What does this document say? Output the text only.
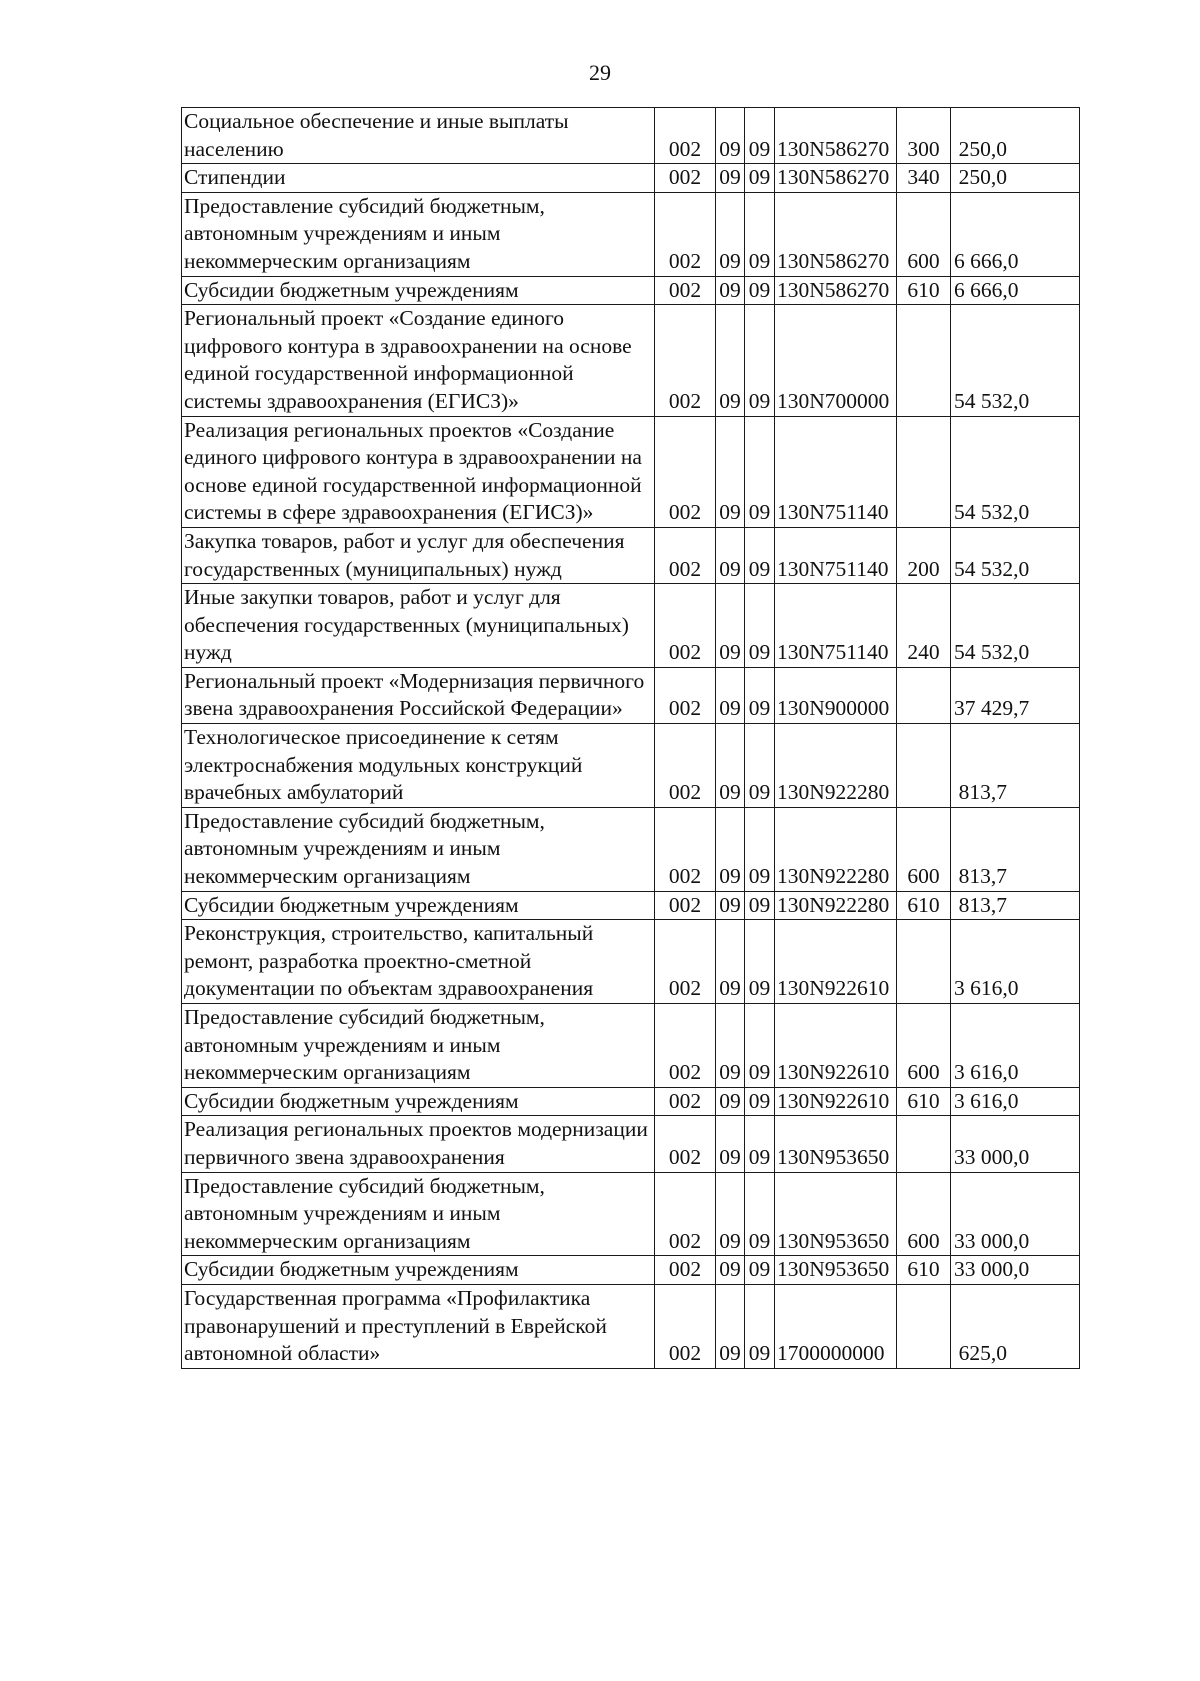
29
Социальное обеспечение и иные выплаты населению	002	09	09	130N586270	300	250,0
Стипендии	002	09	09	130N586270	340	250,0
Предоставление субсидий бюджетным, автономным учреждениям и иным некоммерческим организациям	002	09	09	130N586270	600	6 666,0
Субсидии бюджетным учреждениям	002	09	09	130N586270	610	6 666,0
Региональный проект «Создание единого цифрового контура в здравоохранении на основе единой государственной информационной системы здравоохранения (ЕГИСЗ)»	002	09	09	130N700000		54 532,0
Реализация региональных проектов «Создание единого цифрового контура в здравоохранении на основе единой государственной информационной системы в сфере здравоохранения (ЕГИСЗ)»	002	09	09	130N751140		54 532,0
Закупка товаров, работ и услуг для обеспечения государственных (муниципальных) нужд	002	09	09	130N751140	200	54 532,0
Иные закупки товаров, работ и услуг для обеспечения государственных (муниципальных) нужд	002	09	09	130N751140	240	54 532,0
Региональный проект «Модернизация первичного звена здравоохранения Российской Федерации»	002	09	09	130N900000		37 429,7
Технологическое присоединение к сетям электроснабжения модульных конструкций врачебных амбулаторий	002	09	09	130N922280		813,7
Предоставление субсидий бюджетным, автономным учреждениям и иным некоммерческим организациям	002	09	09	130N922280	600	813,7
Субсидии бюджетным учреждениям	002	09	09	130N922280	610	813,7
Реконструкция, строительство, капитальный ремонт, разработка проектно-сметной документации по объектам здравоохранения	002	09	09	130N922610		3 616,0
Предоставление субсидий бюджетным, автономным учреждениям и иным некоммерческим организациям	002	09	09	130N922610	600	3 616,0
Субсидии бюджетным учреждениям	002	09	09	130N922610	610	3 616,0
Реализация региональных проектов модернизации первичного звена здравоохранения	002	09	09	130N953650		33 000,0
Предоставление субсидий бюджетным, автономным учреждениям и иным некоммерческим организациям	002	09	09	130N953650	600	33 000,0
Субсидии бюджетным учреждениям	002	09	09	130N953650	610	33 000,0
Государственная программа «Профилактика правонарушений и преступлений в Еврейской автономной области»	002	09	09	1700000000		625,0
